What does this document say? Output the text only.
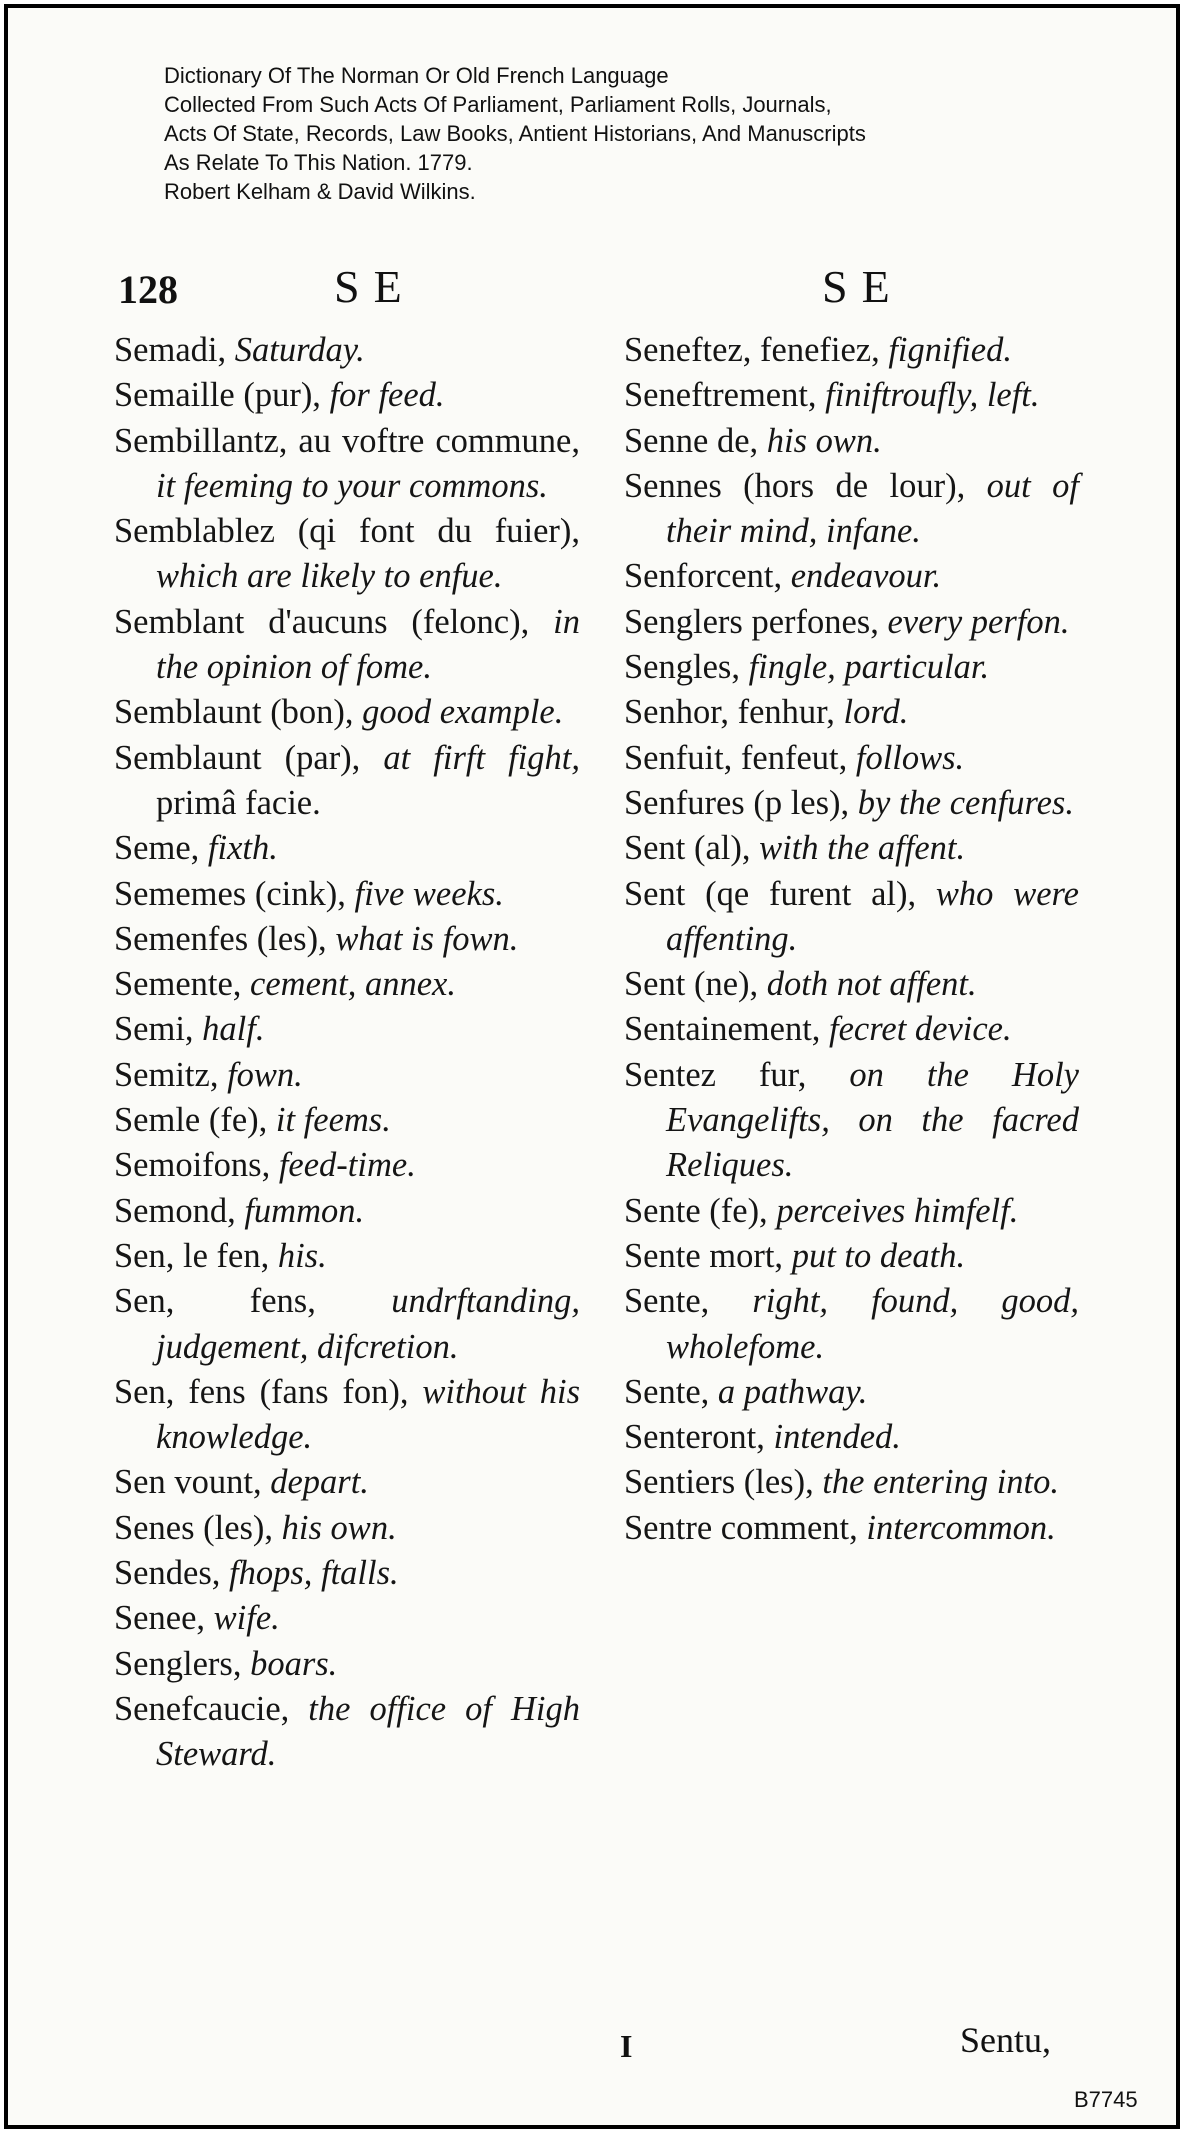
Dictionary Of The Norman Or Old French Language
Collected From Such Acts Of Parliament, Parliament Rolls, Journals,
Acts Of State, Records, Law Books, Antient Historians, And Manuscripts
As Relate To This Nation. 1779.
Robert Kelham & David Wilkins.
128	SE	SE
Semadi, Saturday.
Semaille (pur), for feed.
Sembillantz, au voftre commune, it feeming to your commons.
Semblablez (qi font du fuier), which are likely to enfue.
Semblant d'aucuns (felonc), in the opinion of fome.
Semblaunt (bon), good example.
Semblaunt (par), at firft fight, primâ facie.
Seme, fixth.
Sememes (cink), five weeks.
Semenfes (les), what is fown.
Semente, cement, annex.
Semi, half.
Semitz, fown.
Semle (fe), it feems.
Semoifons, feed-time.
Semond, fummon.
Sen, le fen, his.
Sen, fens, undrftanding, judgement, difcretion.
Sen, fens (fans fon), without his knowledge.
Sen vount, depart.
Senes (les), his own.
Sendes, fhops, ftalls.
Senee, wife.
Senglers, boars.
Senefcaucie, the office of High Steward.
Seneftez, fenefiez, fignified.
Seneftrement, finiftroufly, left.
Senne de, his own.
Sennes (hors de lour), out of their mind, infane.
Senforcent, endeavour.
Senglers perfones, every perfon.
Sengles, fingle, particular.
Senhor, fenhur, lord.
Senfuit, fenfeut, follows.
Senfures (p les), by the cenfures.
Sent (al), with the affent.
Sent (qe furent al), who were affenting.
Sent (ne), doth not affent.
Sentainement, fecret device.
Sentez fur, on the Holy Evangelifts, on the facred Reliques.
Sente (fe), perceives himfelf.
Sente mort, put to death.
Sente, right, found, good, wholefome.
Sente, a pathway.
Senteront, intended.
Sentiers (les), the entering into.
Sentre comment, intercommon.
I	Sentu,
B7745
